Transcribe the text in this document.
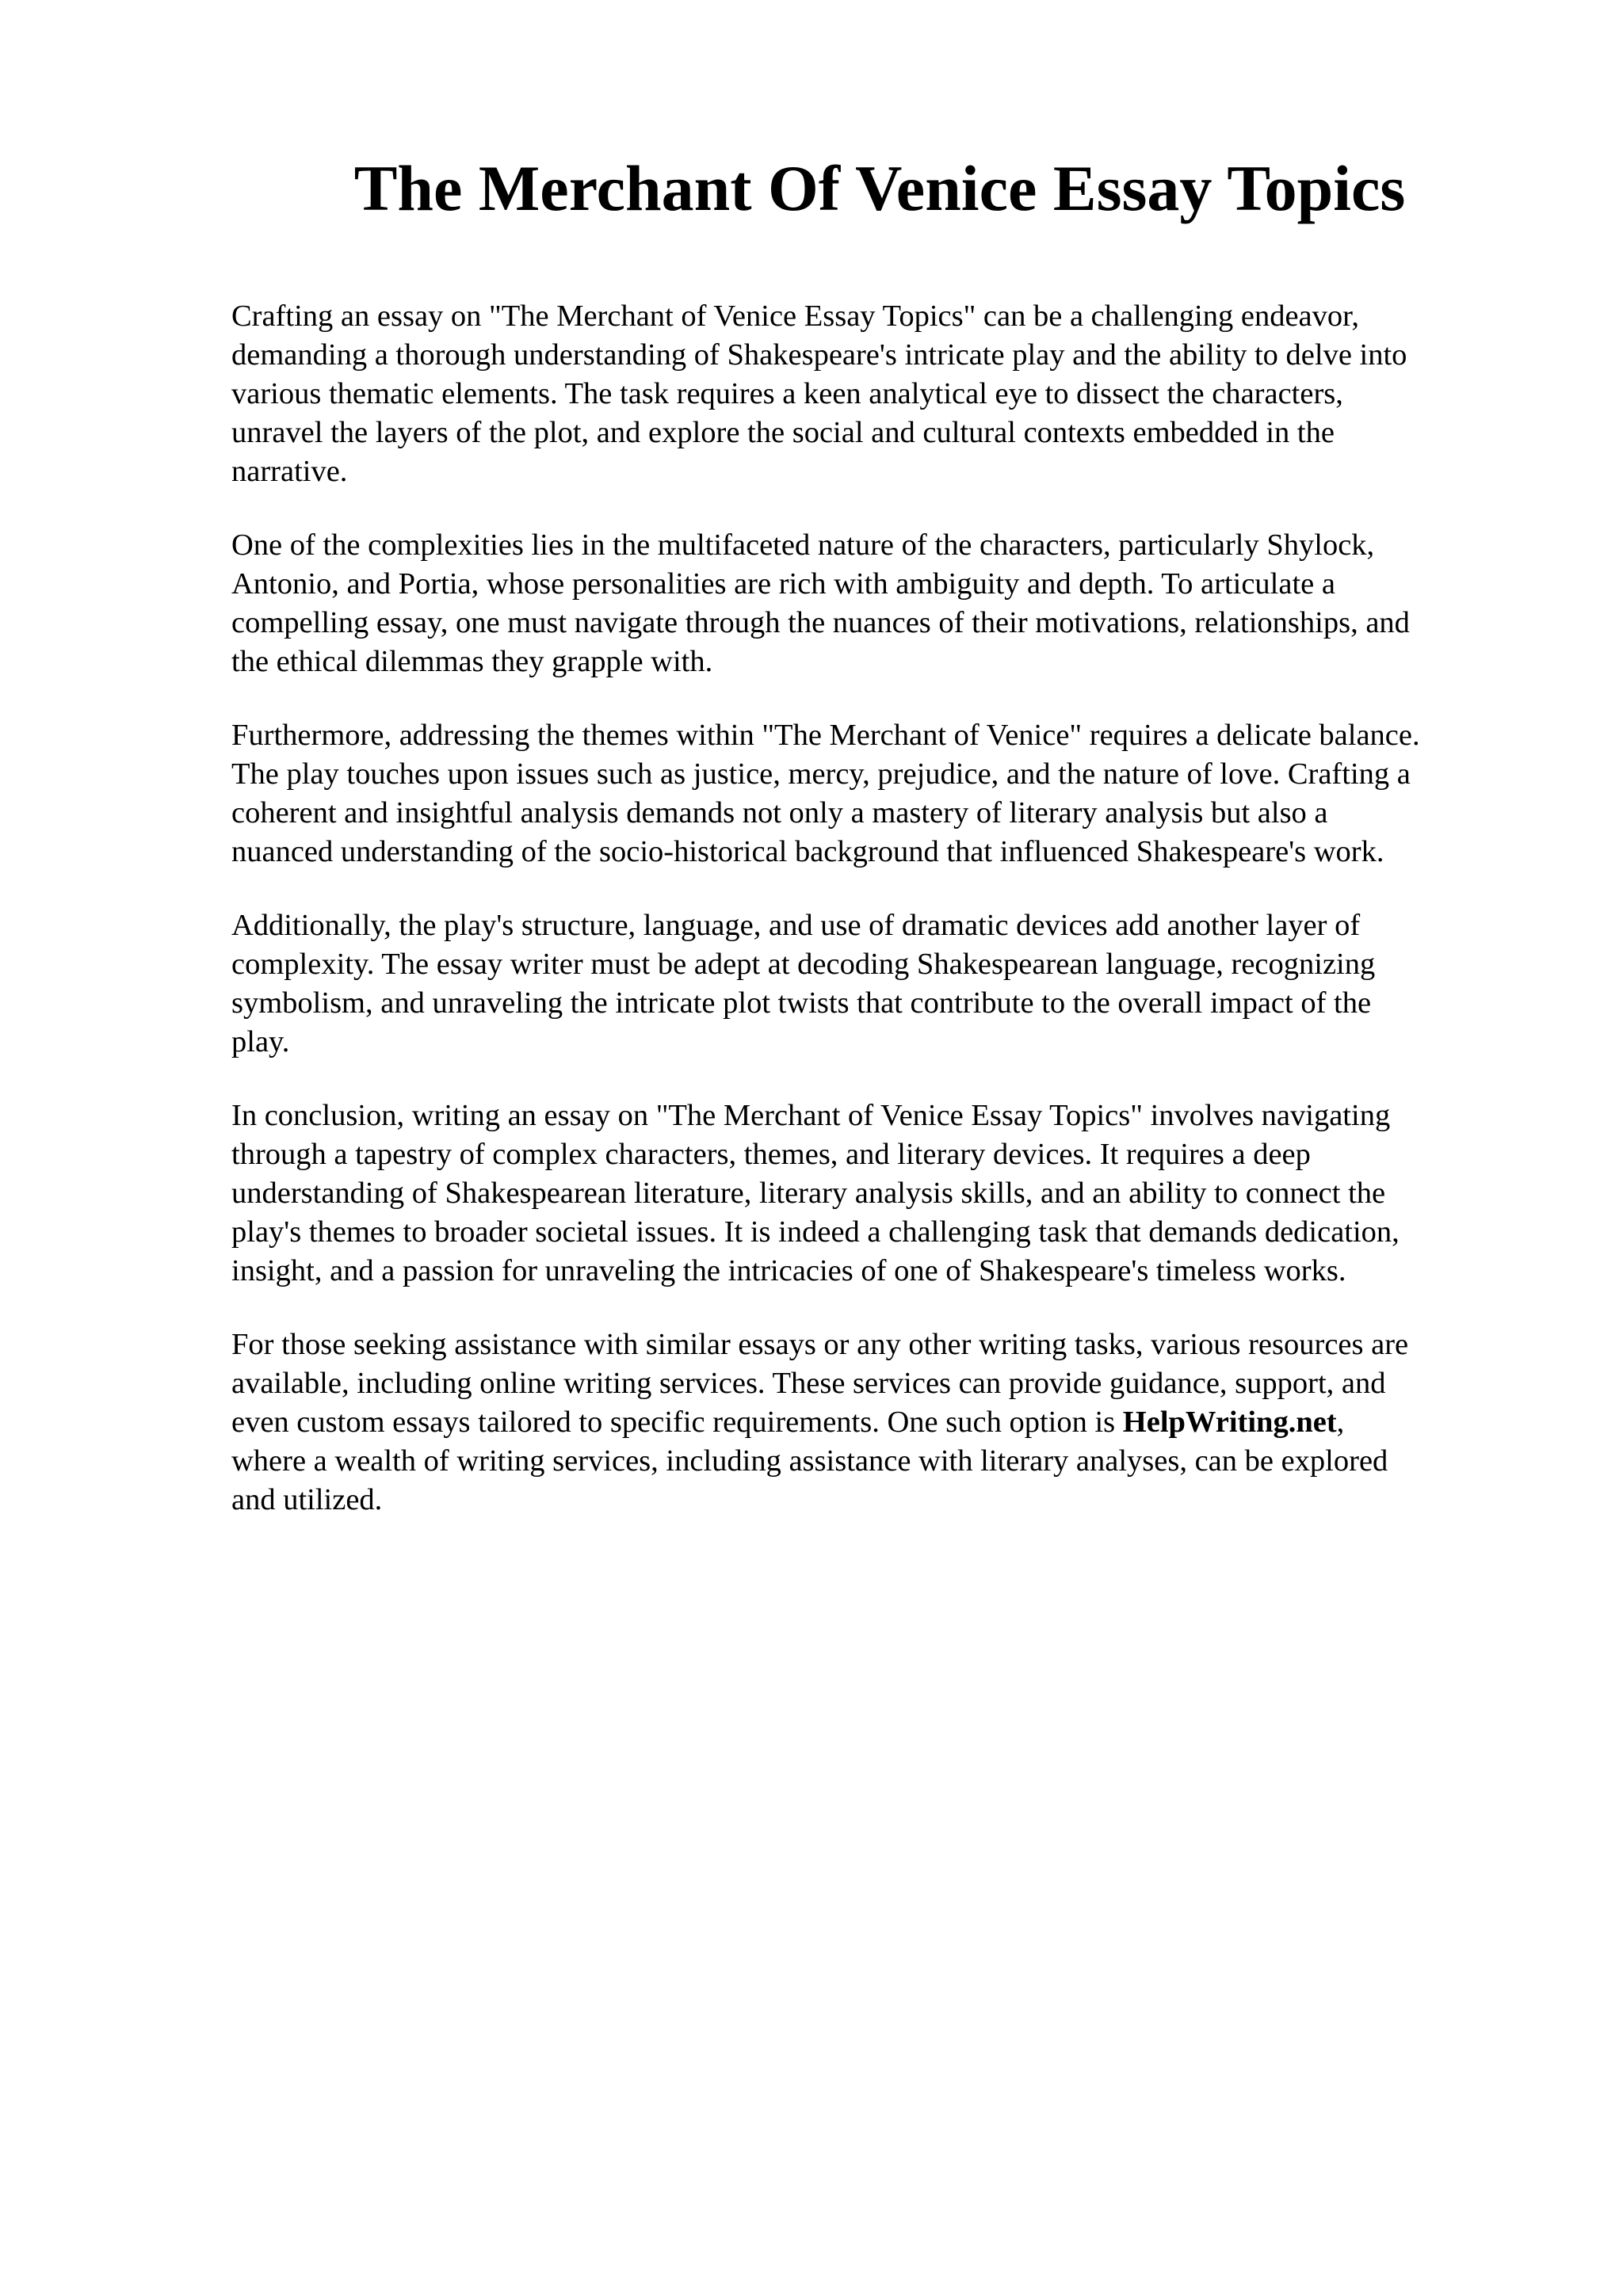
The Merchant Of Venice Essay Topics

Crafting an essay on "The Merchant of Venice Essay Topics" can be a challenging endeavor,
demanding a thorough understanding of Shakespeare's intricate play and the ability to delve into
various thematic elements. The task requires a keen analytical eye to dissect the characters,
unravel the layers of the plot, and explore the social and cultural contexts embedded in the
narrative.

One of the complexities lies in the multifaceted nature of the characters, particularly Shylock,
Antonio, and Portia, whose personalities are rich with ambiguity and depth. To articulate a
compelling essay, one must navigate through the nuances of their motivations, relationships, and
the ethical dilemmas they grapple with.

Furthermore, addressing the themes within "The Merchant of Venice" requires a delicate balance.
The play touches upon issues such as justice, mercy, prejudice, and the nature of love. Crafting a
coherent and insightful analysis demands not only a mastery of literary analysis but also a
nuanced understanding of the socio-historical background that influenced Shakespeare's work.

Additionally, the play's structure, language, and use of dramatic devices add another layer of
complexity. The essay writer must be adept at decoding Shakespearean language, recognizing
symbolism, and unraveling the intricate plot twists that contribute to the overall impact of the
play.

In conclusion, writing an essay on "The Merchant of Venice Essay Topics" involves navigating
through a tapestry of complex characters, themes, and literary devices. It requires a deep
understanding of Shakespearean literature, literary analysis skills, and an ability to connect the
play's themes to broader societal issues. It is indeed a challenging task that demands dedication,
insight, and a passion for unraveling the intricacies of one of Shakespeare's timeless works.

For those seeking assistance with similar essays or any other writing tasks, various resources are
available, including online writing services. These services can provide guidance, support, and
even custom essays tailored to specific requirements. One such option is HelpWriting.net,
where a wealth of writing services, including assistance with literary analyses, can be explored
and utilized.
